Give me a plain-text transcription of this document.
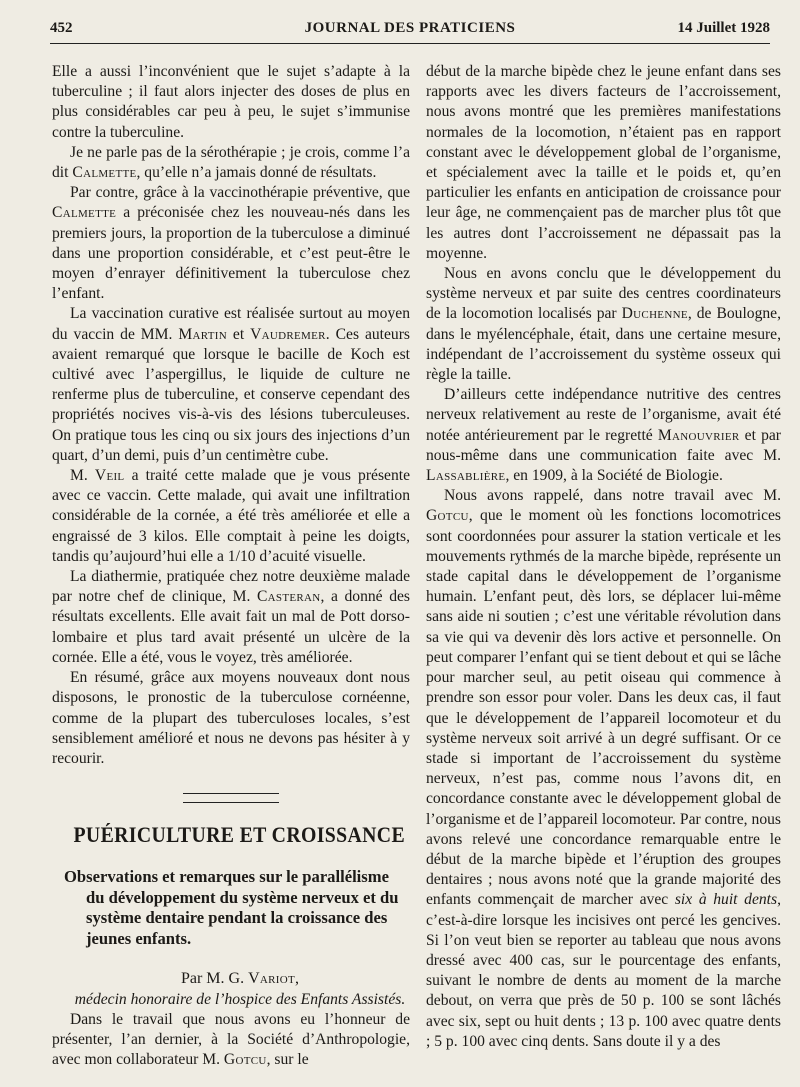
452	JOURNAL DES PRATICIENS	14 Juillet 1928

Elle a aussi l’inconvénient que le sujet s’adapte à la tuberculine ; il faut alors injecter des doses de plus en plus considérables car peu à peu, le sujet s’immunise contre la tuberculine.

Je ne parle pas de la sérothérapie ; je crois, comme l’a dit Calmette, qu’elle n’a jamais donné de résultats.

Par contre, grâce à la vaccinothérapie préventive, que Calmette a préconisée chez les nouveau-nés dans les premiers jours, la proportion de la tuberculose a diminué dans une proportion considérable, et c’est peut-être le moyen d’enrayer définitivement la tuberculose chez l’enfant.

La vaccination curative est réalisée surtout au moyen du vaccin de MM. Martin et Vaudremer. Ces auteurs avaient remarqué que lorsque le bacille de Koch est cultivé avec l’aspergillus, le liquide de culture ne renferme plus de tuberculine, et conserve cependant des propriétés nocives vis-à-vis des lésions tuberculeuses. On pratique tous les cinq ou six jours des injections d’un quart, d’un demi, puis d’un centimètre cube.

M. Veil a traité cette malade que je vous présente avec ce vaccin. Cette malade, qui avait une infiltration considérable de la cornée, a été très améliorée et elle a engraissé de 3 kilos. Elle comptait à peine les doigts, tandis qu’aujourd’hui elle a 1/10 d’acuité visuelle.

La diathermie, pratiquée chez notre deuxième malade par notre chef de clinique, M. Casteran, a donné des résultats excellents. Elle avait fait un mal de Pott dorso-lombaire et plus tard avait présenté un ulcère de la cornée. Elle a été, vous le voyez, très améliorée.

En résumé, grâce aux moyens nouveaux dont nous disposons, le pronostic de la tuberculose cornéenne, comme de la plupart des tuberculoses locales, s’est sensiblement amélioré et nous ne devons pas hésiter à y recourir.

PUÉRICULTURE ET CROISSANCE
Observations et remarques sur le parallélisme du développement du système nerveux et du système dentaire pendant la croissance des jeunes enfants.

Par M. G. Variot,

médecin honoraire de l’hospice des Enfants Assistés.

Dans le travail que nous avons eu l’honneur de présenter, l’an dernier, à la Société d’Anthropologie, avec mon collaborateur M. Gotcu, sur le

début de la marche bipède chez le jeune enfant dans ses rapports avec les divers facteurs de l’accroissement, nous avons montré que les premières manifestations normales de la locomotion, n’étaient pas en rapport constant avec le développement global de l’organisme, et spécialement avec la taille et le poids et, qu’en particulier les enfants en anticipation de croissance pour leur âge, ne commençaient pas de marcher plus tôt que les autres dont l’accroissement ne dépassait pas la moyenne.

Nous en avons conclu que le développement du système nerveux et par suite des centres coordinateurs de la locomotion localisés par Duchenne, de Boulogne, dans le myélencéphale, était, dans une certaine mesure, indépendant de l’accroissement du système osseux qui règle la taille.

D’ailleurs cette indépendance nutritive des centres nerveux relativement au reste de l’organisme, avait été notée antérieurement par le regretté Manouvrier et par nous-même dans une communication faite avec M. Lassablière, en 1909, à la Société de Biologie.

Nous avons rappelé, dans notre travail avec M. Gotcu, que le moment où les fonctions locomotrices sont coordonnées pour assurer la station verticale et les mouvements rythmés de la marche bipède, représente un stade capital dans le développement de l’organisme humain. L’enfant peut, dès lors, se déplacer lui-même sans aide ni soutien ; c’est une véritable révolution dans sa vie qui va devenir dès lors active et personnelle. On peut comparer l’enfant qui se tient debout et qui se lâche pour marcher seul, au petit oiseau qui commence à prendre son essor pour voler. Dans les deux cas, il faut que le développement de l’appareil locomoteur et du système nerveux soit arrivé à un degré suffisant. Or ce stade si important de l’accroissement du système nerveux, n’est pas, comme nous l’avons dit, en concordance constante avec le développement global de l’organisme et de l’appareil locomoteur. Par contre, nous avons relevé une concordance remarquable entre le début de la marche bipède et l’éruption des groupes dentaires ; nous avons noté que la grande majorité des enfants commençait de marcher avec six à huit dents, c’est-à-dire lorsque les incisives ont percé les gencives. Si l’on veut bien se reporter au tableau que nous avons dressé avec 400 cas, sur le pourcentage des enfants, suivant le nombre de dents au moment de la marche debout, on verra que près de 50 p. 100 se sont lâchés avec six, sept ou huit dents ; 13 p. 100 avec quatre dents ; 5 p. 100 avec cinq dents. Sans doute il y a des
